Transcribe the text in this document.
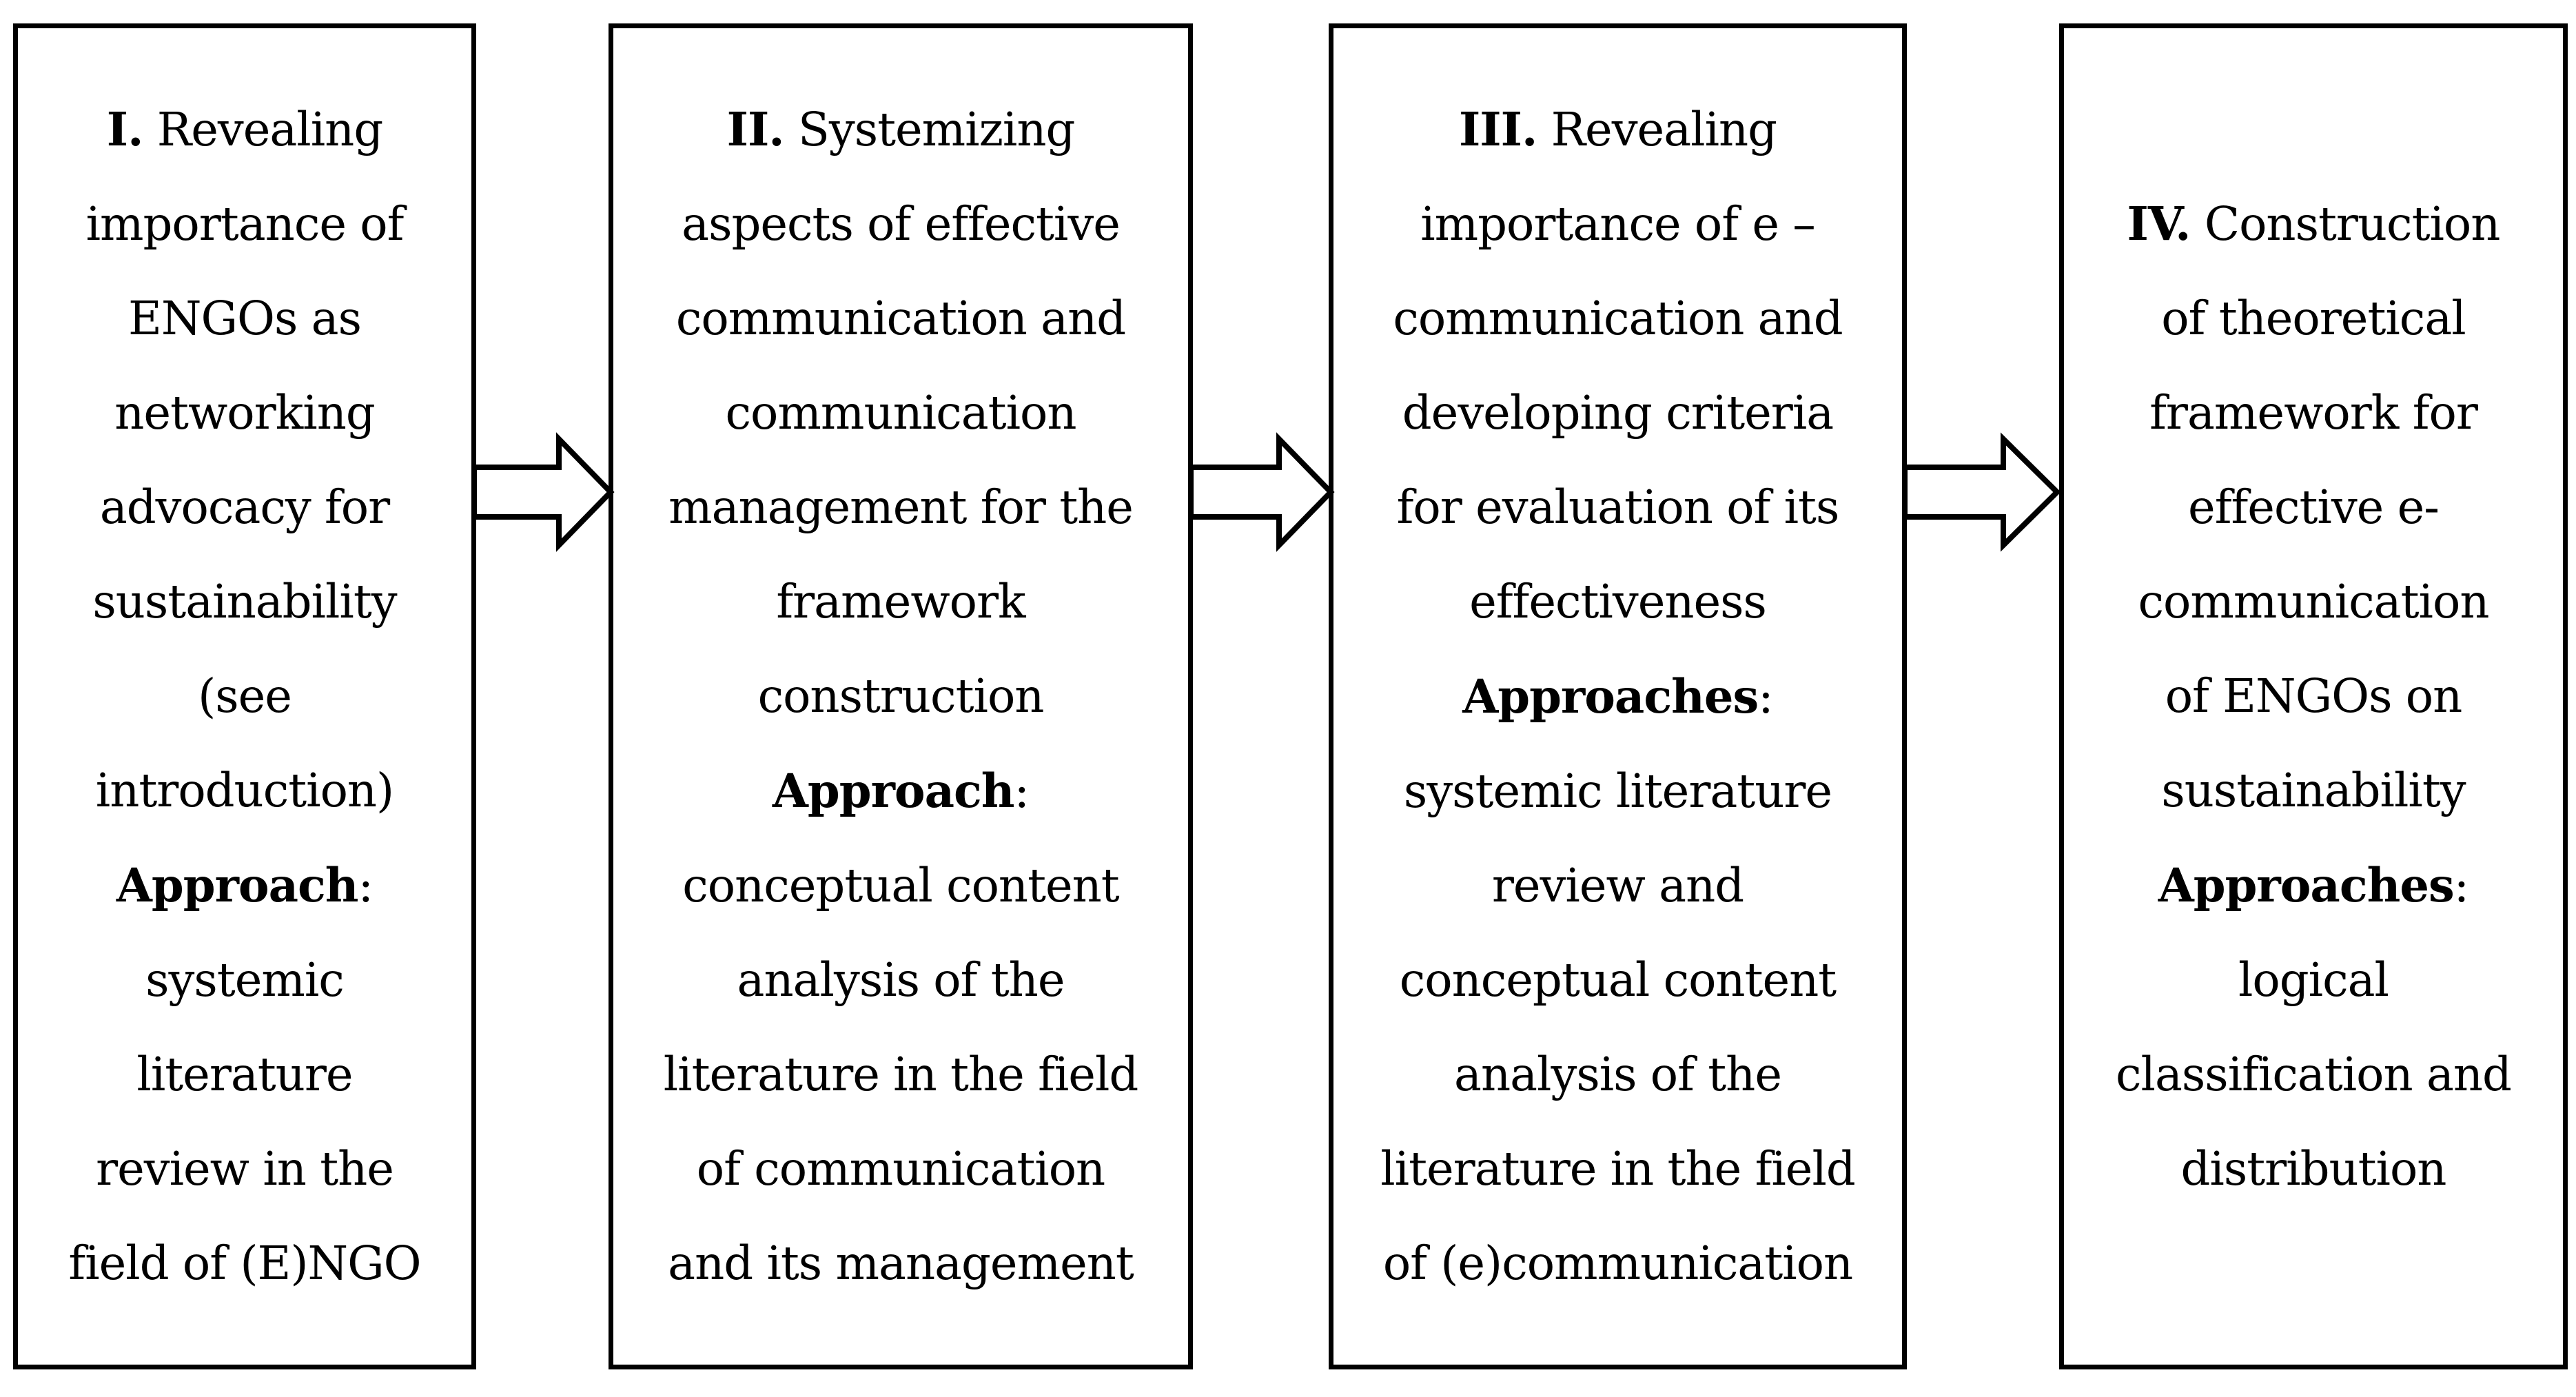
I. Revealing
importance of
ENGOs as
networking
advocacy for
sustainability
(see
introduction)
Approach:
systemic
literature
review in the
field of (E)NGO
II. Systemizing
aspects of effective
communication and
communication
management for the
framework
construction
Approach:
conceptual content
analysis of the
literature in the field
of communication
and its management
III. Revealing
importance of e –
communication and
developing criteria
for evaluation of its
effectiveness
Approaches:
systemic literature
review and
conceptual content
analysis of the
literature in the field
of (e)communication
IV. Construction
of theoretical
framework for
effective e-
communication
of ENGOs on
sustainability
Approaches:
logical
classification and
distribution
